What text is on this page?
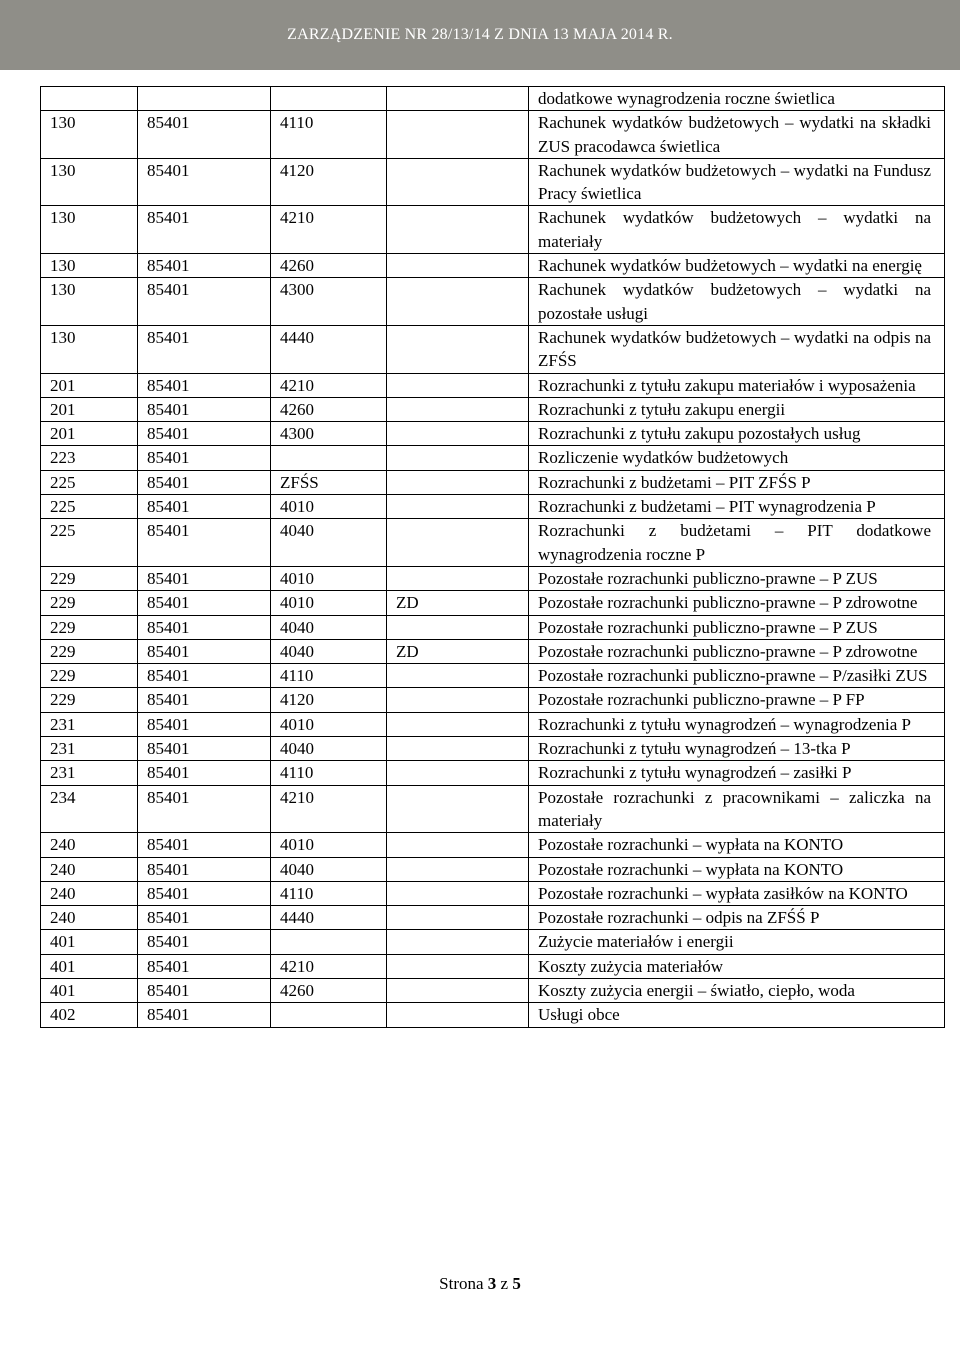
ZARZĄDZENIE NR 28/13/14 Z DNIA 13 MAJA 2014 R.
				dodatkowe wynagrodzenia roczne świetlica
130	85401	4110		Rachunek wydatków budżetowych – wydatki na składki ZUS pracodawca świetlica
130	85401	4120		Rachunek wydatków budżetowych – wydatki na Fundusz Pracy świetlica
130	85401	4210		Rachunek wydatków budżetowych – wydatki na materiały
130	85401	4260		Rachunek wydatków budżetowych – wydatki na energię
130	85401	4300		Rachunek wydatków budżetowych – wydatki na pozostałe usługi
130	85401	4440		Rachunek wydatków budżetowych – wydatki na odpis na ZFŚS
201	85401	4210		Rozrachunki z tytułu zakupu materiałów i wyposażenia
201	85401	4260		Rozrachunki z tytułu zakupu energii
201	85401	4300		Rozrachunki z tytułu zakupu pozostałych usług
223	85401			Rozliczenie wydatków budżetowych
225	85401	ZFŚS		Rozrachunki z budżetami – PIT ZFŚS P
225	85401	4010		Rozrachunki z budżetami – PIT wynagrodzenia P
225	85401	4040		Rozrachunki z budżetami – PIT dodatkowe wynagrodzenia roczne P
229	85401	4010		Pozostałe rozrachunki publiczno-prawne – P ZUS
229	85401	4010	ZD	Pozostałe rozrachunki publiczno-prawne – P zdrowotne
229	85401	4040		Pozostałe rozrachunki publiczno-prawne – P ZUS
229	85401	4040	ZD	Pozostałe rozrachunki publiczno-prawne – P zdrowotne
229	85401	4110		Pozostałe rozrachunki publiczno-prawne – P/zasiłki ZUS
229	85401	4120		Pozostałe rozrachunki publiczno-prawne – P FP
231	85401	4010		Rozrachunki z tytułu wynagrodzeń – wynagrodzenia P
231	85401	4040		Rozrachunki z tytułu wynagrodzeń – 13-tka P
231	85401	4110		Rozrachunki z tytułu wynagrodzeń – zasiłki P
234	85401	4210		Pozostałe rozrachunki z pracownikami – zaliczka na materiały
240	85401	4010		Pozostałe rozrachunki – wypłata na KONTO
240	85401	4040		Pozostałe rozrachunki – wypłata na KONTO
240	85401	4110		Pozostałe rozrachunki – wypłata zasiłków na KONTO
240	85401	4440		Pozostałe rozrachunki – odpis na ZFŚŚ P
401	85401			Zużycie materiałów i energii
401	85401	4210		Koszty zużycia materiałów
401	85401	4260		Koszty zużycia energii – światło, ciepło, woda
402	85401			Usługi obce
Strona 3 z 5
